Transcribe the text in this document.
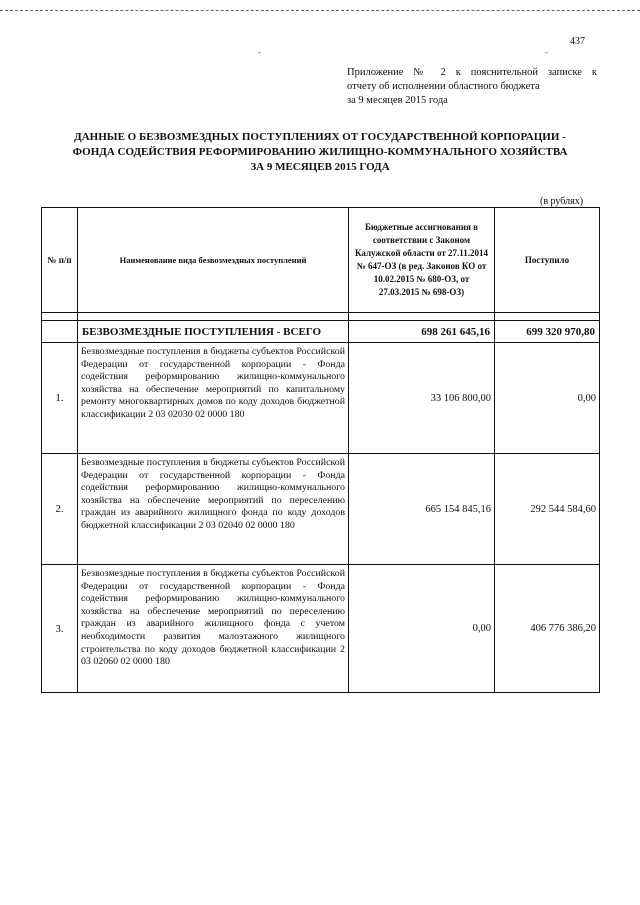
437
-	-
Приложение № 2 к пояснительной записке к
отчету об исполнении областного бюджета
за 9 месяцев 2015 года
ДАННЫЕ О БЕЗВОЗМЕЗДНЫХ ПОСТУПЛЕНИЯХ ОТ ГОСУДАРСТВЕННОЙ КОРПОРАЦИИ -
ФОНДА СОДЕЙСТВИЯ РЕФОРМИРОВАНИЮ ЖИЛИЩНО-КОММУНАЛЬНОГО ХОЗЯЙСТВА
ЗА 9 МЕСЯЦЕВ 2015 ГОДА
(в рублях)
№ п/п	Наименование вида безвозмездных поступлений	Бюджетные ассигнования в соответствии с Законом Калужской области от 27.11.2014 № 647-ОЗ (в ред. Законов КО от 10.02.2015 № 680-ОЗ, от 27.03.2015 № 698-ОЗ)	Поступило

	БЕЗВОЗМЕЗДНЫЕ ПОСТУПЛЕНИЯ - ВСЕГО	698 261 645,16	699 320 970,80
1.	Безвозмездные поступления в бюджеты субъектов Российской Федерации от государственной корпорации - Фонда содействия реформированию жилищно-коммунального хозяйства на обеспечение мероприятий по капитальному ремонту многоквартирных домов по коду доходов бюджетной классификации 2 03 02030 02 0000 180	33 106 800,00	0,00
2.	Безвозмездные поступления в бюджеты субъектов Российской Федерации от государственной корпорации - Фонда содействия реформированию жилищно-коммунального хозяйства на обеспечение мероприятий по переселению граждан из аварийного жилищного фонда по коду доходов бюджетной классификации 2 03 02040 02 0000 180	665 154 845,16	292 544 584,60
3.	Безвозмездные поступления в бюджеты субъектов Российской Федерации от государственной корпорации - Фонда содействия реформированию жилищно-коммунального хозяйства на обеспечение мероприятий по переселению граждан из аварийного жилищного фонда с учетом необходимости развития малоэтажного жилищного строительства по коду доходов бюджетной классификации 2 03 02060 02 0000 180	0,00	406 776 386,20
